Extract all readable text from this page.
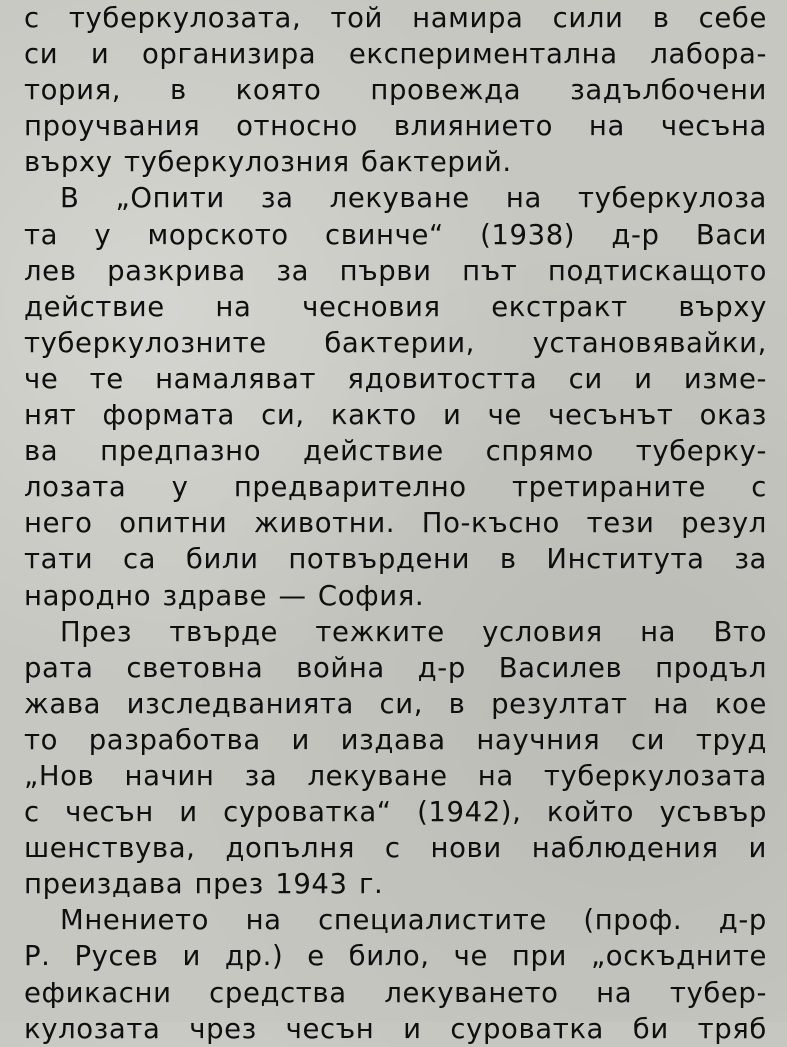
с туберкулозата, той намира сили в себе
си и организира експериментална лабора-
тория, в която провежда задълбочени
проучвания относно влиянието на чесъна
върху туберкулозния бактерий.
В „Опити за лекуване на туберкулоза
та у морското свинче“ (1938) д-р Васи
лев разкрива за първи път подтискащото
действие на чесновия екстракт върху
туберкулозните бактерии, установявайки,
че те намаляват ядовитостта си и изме-
нят формата си, както и че чесънът оказ
ва предпазно действие спрямо туберку-
лозата у предварително третираните с
него опитни животни. По-късно тези резул
тати са били потвърдени в Института за
народно здраве — София.
През твърде тежките условия на Вто
рата световна война д-р Василев продъл
жава изследванията си, в резултат на кое
то разработва и издава научния си труд
„Нов начин за лекуване на туберкулозата
с чесън и суроватка“ (1942), който усъвър
шенствува, допълня с нови наблюдения и
преиздава през 1943 г.
Мнението на специалистите (проф. д-р
Р. Русев и др.) е било, че при „оскъдните
ефикасни средства лекуването на тубер-
кулозата чрез чесън и суроватка би тряб
